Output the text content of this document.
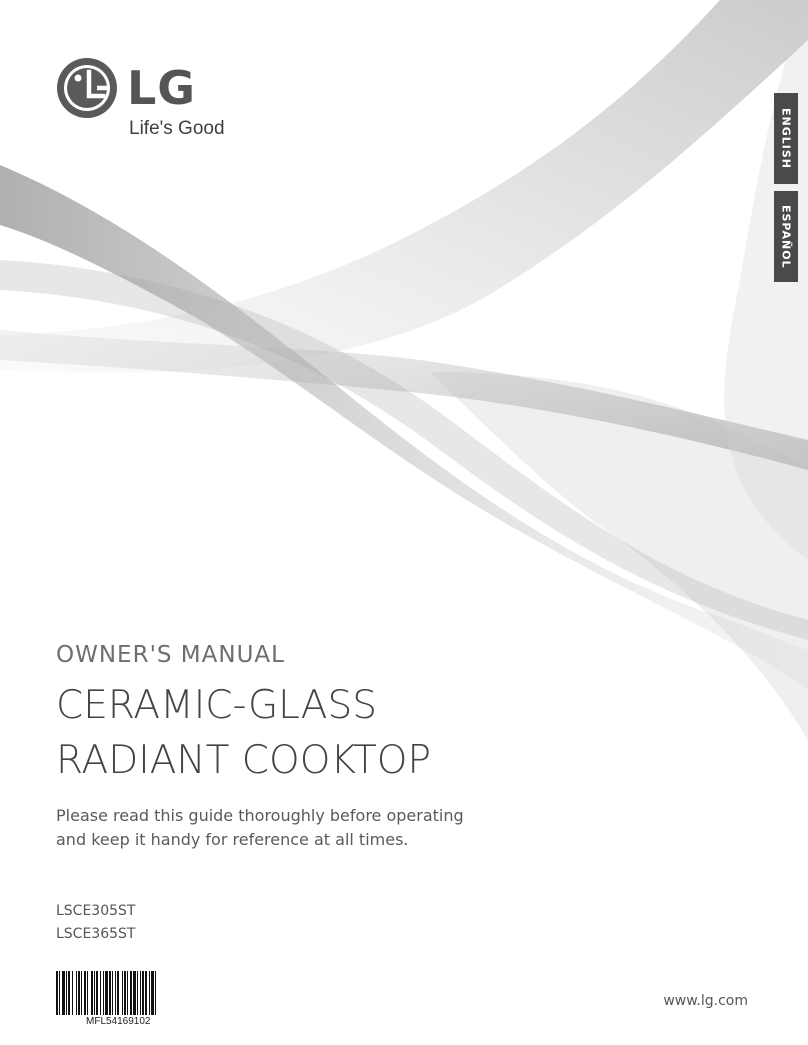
LG
Life's Good	ENGLISH
ESPAÑOL
OWNER'S MANUAL
CERAMIC-GLASS
RADIANT COOKTOP
Please read this guide thoroughly before operating
and keep it handy for reference at all times.
LSCE305ST
LSCE365ST
MFL54169102
www.lg.com
